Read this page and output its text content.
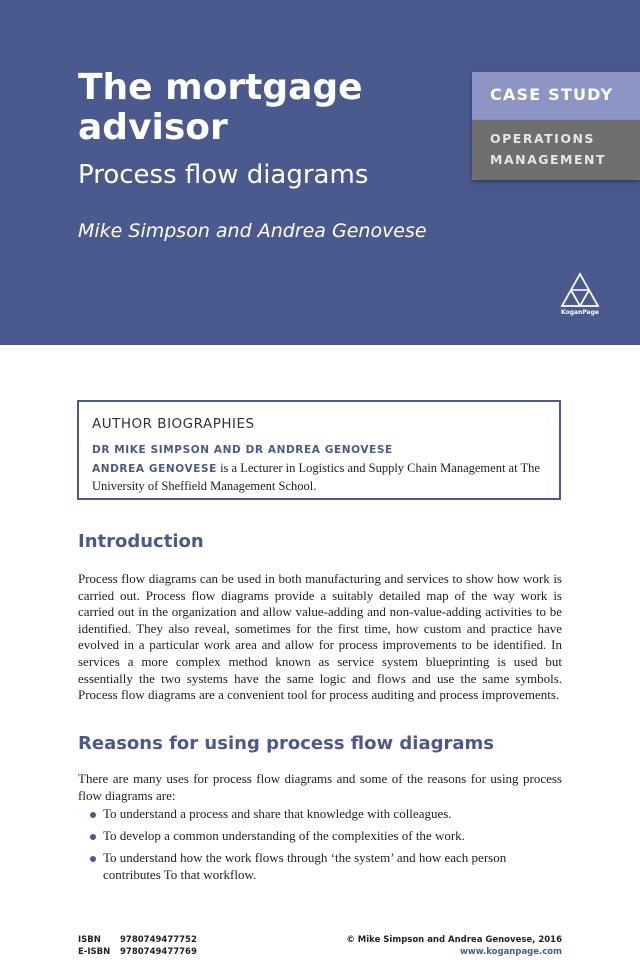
The mortgage advisor

Process flow diagrams

Mike Simpson and Andrea Genovese

CASE STUDY
OPERATIONS
MANAGEMENT
KoganPage
AUTHOR BIOGRAPHIES
DR MIKE SIMPSON AND DR ANDREA GENOVESE

ANDREA GENOVESE is a Lecturer in Logistics and Supply Chain Management at The University of Sheffield Management School.

Introduction

Process flow diagrams can be used in both manufacturing and services to show how work is carried out. Process flow diagrams provide a suitably detailed map of the way work is carried out in the organization and allow value-adding and non-value-adding activities to be identified. They also reveal, sometimes for the first time, how custom and practice have evolved in a particular work area and allow for process improvements to be identified. In services a more complex method known as service system blueprinting is used but essentially the two systems have the same logic and flows and use the same symbols. Process flow diagrams are a convenient tool for process auditing and process improvements.

Reasons for using process flow diagrams

There are many uses for process flow diagrams and some of the reasons for using process flow diagrams are:

To understand a process and share that knowledge with colleagues.
To develop a common understanding of the complexities of the work.
To understand how the work flows through ‘the system’ and how each person contributes To that workflow.
ISBN 9780749477752
E-ISBN 9780749477769
© Mike Simpson and Andrea Genovese, 2016
www.koganpage.com
